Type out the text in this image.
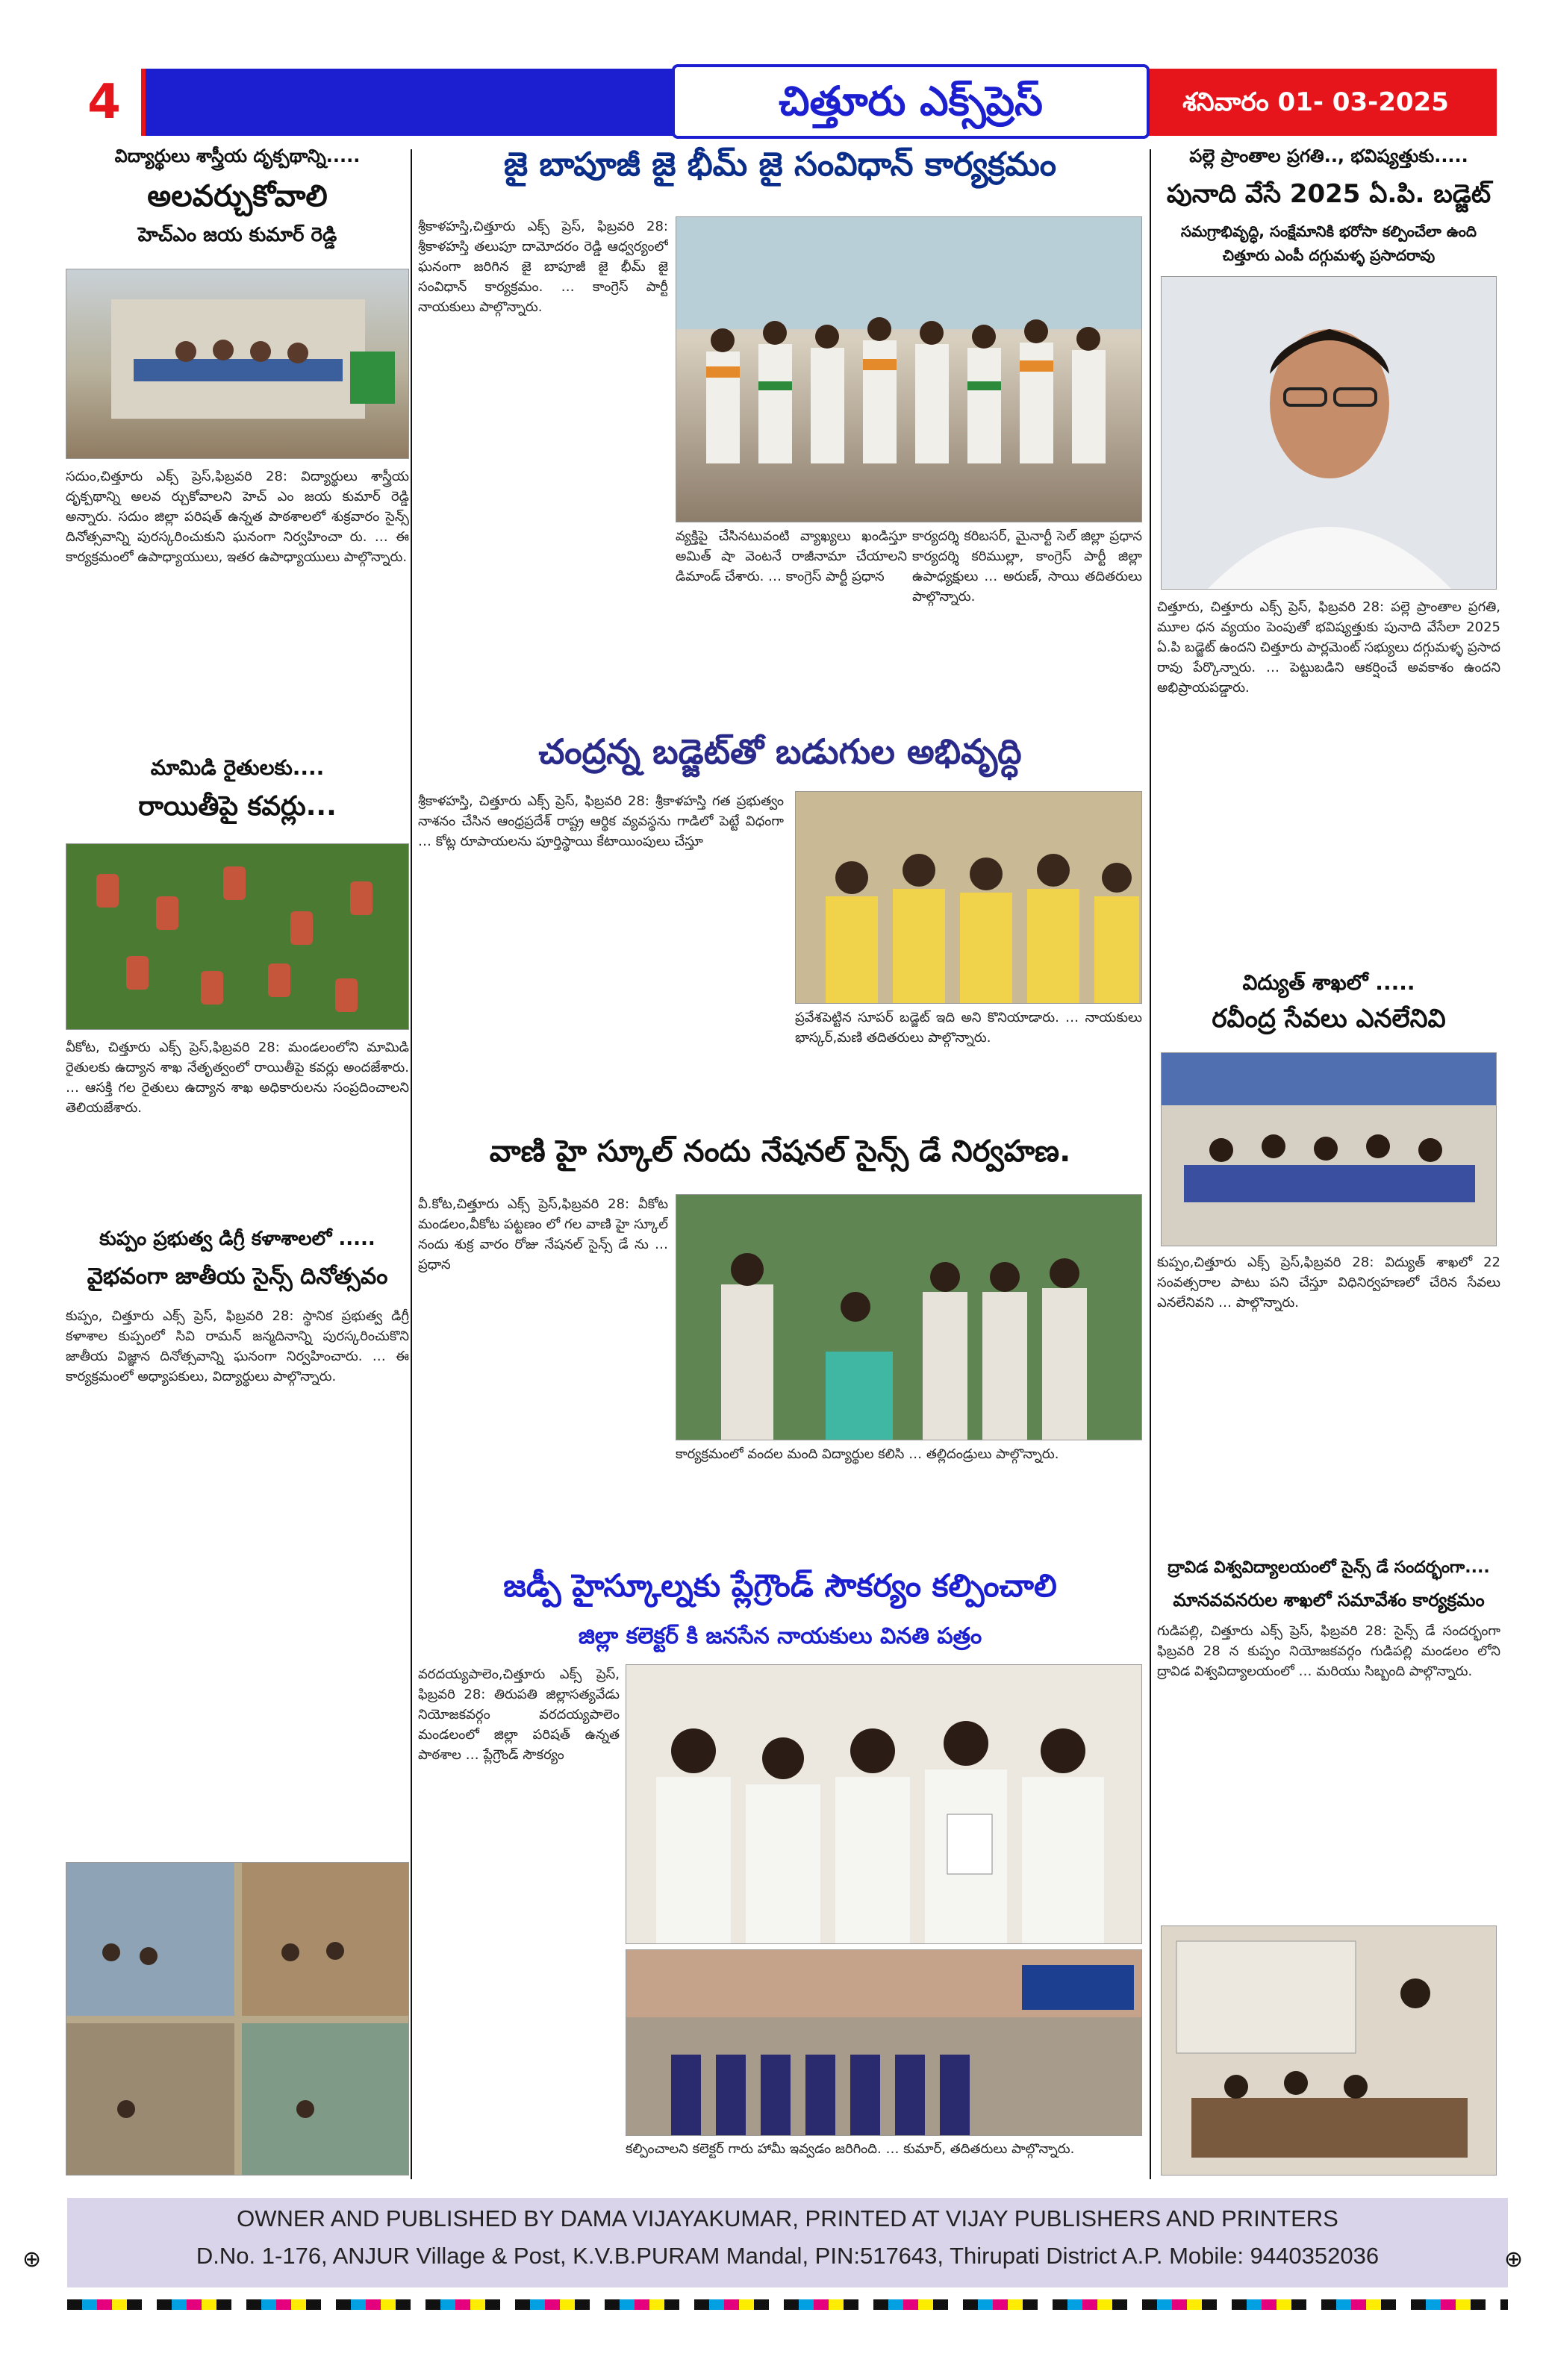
4	చిత్తూరు ఎక్స్‌ప్రెస్	శనివారం 01- 03-2025
విద్యార్థులు శాస్త్రీయ దృక్పథాన్ని.....
అలవర్చుకోవాలి
హెచ్‌ఎం జయ కుమార్ రెడ్డి
సదుం,చిత్తూరు ఎక్స్ ప్రెస్,ఫిబ్రవరి 28: విద్యార్థులు శాస్త్రీయ దృక్పథాన్ని అలవ ర్చుకోవాలని హెచ్ ఎం జయ కుమార్ రెడ్డి అన్నారు. సదుం జిల్లా పరిషత్ ఉన్నత పాఠశాలలో శుక్రవారం సైన్స్ దినోత్సవాన్ని పురస్కరించుకుని ఘనంగా నిర్వహించా రు. … ఈ కార్యక్రమంలో ఉపాధ్యాయులు, ఇతర ఉపాధ్యాయులు పాల్గొన్నారు.
మామిడి రైతులకు....
రాయితీపై కవర్లు...
వీకోట, చిత్తూరు ఎక్స్ ప్రెస్,ఫిబ్రవరి 28: మండలంలోని మామిడి రైతులకు ఉద్యాన శాఖ నేతృత్వంలో రాయితీపై కవర్లు అందజేశారు. … ఆసక్తి గల రైతులు ఉద్యాన శాఖ అధికారులను సంప్రదించాలని తెలియజేశారు.
కుప్పం ప్రభుత్వ డిగ్రీ కళాశాలలో .....
వైభవంగా జాతీయ సైన్స్ దినోత్సవం
కుప్పం, చిత్తూరు ఎక్స్ ప్రెస్, ఫిబ్రవరి 28: స్థానిక ప్రభుత్వ డిగ్రీ కళాశాల కుప్పంలో సివి రామన్ జన్మదినాన్ని పురస్కరించుకొని జాతీయ విజ్ఞాన దినోత్సవాన్ని ఘనంగా నిర్వహించారు. … ఈ కార్యక్రమంలో అధ్యాపకులు, విద్యార్థులు పాల్గొన్నారు.
జై బాపూజీ జై భీమ్ జై సంవిధాన్ కార్యక్రమం
శ్రీకాళహస్తి,చిత్తూరు ఎక్స్ ప్రెస్, ఫిబ్రవరి 28: శ్రీకాళహస్తి తలుపూ దామోదరం రెడ్డి ఆధ్వర్యంలో ఘనంగా జరిగిన జై బాపూజీ జై భీమ్ జై సంవిధాన్ కార్యక్రమం. … కాంగ్రెస్ పార్టీ నాయకులు పాల్గొన్నారు.
వ్యక్తిపై చేసినటువంటి వ్యాఖ్యలు ఖండిస్తూ అమిత్ షా వెంటనే రాజీనామా చేయాలని డిమాండ్ చేశారు. … కాంగ్రెస్ పార్టీ ప్రధాన
కార్యదర్శి కరిబసర్, మైనార్టీ సెల్ జిల్లా ప్రధాన కార్యదర్శి కరిముల్లా, కాంగ్రెస్ పార్టీ జిల్లా ఉపాధ్యక్షులు … అరుణ్, సాయి తదితరులు పాల్గొన్నారు.
చంద్రన్న బడ్జెట్‌తో బడుగుల అభివృద్ధి
శ్రీకాళహస్తి, చిత్తూరు ఎక్స్ ప్రెస్, ఫిబ్రవరి 28: శ్రీకాళహస్తి గత ప్రభుత్వం నాశనం చేసిన ఆంధ్రప్రదేశ్ రాష్ట్ర ఆర్థిక వ్యవస్థను గాడిలో పెట్టే విధంగా … కోట్ల రూపాయలను పూర్తిస్థాయి కేటాయింపులు చేస్తూ
ప్రవేశపెట్టిన సూపర్ బడ్జెట్ ఇది అని కొనియాడారు. … నాయకులు భాస్కర్,మణి తదితరులు పాల్గొన్నారు.
వాణి హై స్కూల్ నందు నేషనల్ సైన్స్ డే నిర్వహణ.
వీ.కోట,చిత్తూరు ఎక్స్ ప్రెస్,ఫిబ్రవరి 28: వీకోట మండలం,వీకోట పట్టణం లో గల వాణి హై స్కూల్ నందు శుక్ర వారం రోజు నేషనల్ సైన్స్ డే ను … ప్రధాన
కార్యక్రమంలో వందల మంది విద్యార్థుల కలిసి … తల్లిదండ్రులు పాల్గొన్నారు.
జడ్పీ హైస్కూల్నకు ప్లేగ్రౌండ్ సౌకర్యం కల్పించాలి
జిల్లా కలెక్టర్ కి జనసేన నాయకులు వినతి పత్రం
వరదయ్యపాలెం,చిత్తూరు ఎక్స్ ప్రెస్, ఫిబ్రవరి 28: తిరుపతి జిల్లాసత్యవేడు నియోజకవర్గం వరదయ్యపాలెం మండలంలో జిల్లా పరిషత్ ఉన్నత పాఠశాల … ప్లేగ్రౌండ్ సౌకర్యం
కల్పించాలని కలెక్టర్ గారు హామీ ఇవ్వడం జరిగింది. … కుమార్, తదితరులు పాల్గొన్నారు.
పల్లె ప్రాంతాల ప్రగతి.., భవిష్యత్తుకు.....
పునాది వేసే 2025 ఏ.పి. బడ్జెట్
సమగ్రాభివృద్ధి, సంక్షేమానికి భరోసా కల్పించేలా ఉంది
చిత్తూరు ఎంపీ దగ్గుమళ్ళ ప్రసాదరావు
చిత్తూరు, చిత్తూరు ఎక్స్ ప్రెస్, ఫిబ్రవరి 28: పల్లె ప్రాంతాల ప్రగతి, మూల ధన వ్యయం పెంపుతో భవిష్యత్తుకు పునాది వేసేలా 2025 ఏ.పి బడ్జెట్ ఉందని చిత్తూరు పార్లమెంట్ సభ్యులు దగ్గుమళ్ళ ప్రసాద రావు పేర్కొన్నారు. … పెట్టుబడిని ఆకర్షించే అవకాశం ఉందని అభిప్రాయపడ్డారు.
విద్యుత్ శాఖలో .....
రవీంద్ర సేవలు ఎనలేనివి
కుప్పం,చిత్తూరు ఎక్స్ ప్రెస్,ఫిబ్రవరి 28: విద్యుత్ శాఖలో 22 సంవత్సరాల పాటు పని చేస్తూ విధినిర్వహణలో చేరిన సేవలు ఎనలేనివని … పాల్గొన్నారు.
ద్రావిడ విశ్వవిద్యాలయంలో సైన్స్ డే సందర్భంగా....
మానవవనరుల శాఖలో సమావేశం కార్యక్రమం
గుడిపల్లి, చిత్తూరు ఎక్స్ ప్రెస్, ఫిబ్రవరి 28: సైన్స్ డే సందర్భంగా ఫిబ్రవరి 28 న కుప్పం నియోజకవర్గం గుడిపల్లి మండలం లోని ద్రావిడ విశ్వవిద్యాలయంలో … మరియు సిబ్బంది పాల్గొన్నారు.
OWNER AND PUBLISHED BY DAMA VIJAYAKUMAR, PRINTED AT VIJAY PUBLISHERS AND PRINTERS
D.No. 1-176, ANJUR Village & Post, K.V.B.PURAM Mandal, PIN:517643, Thirupati District A.P. Mobile: 9440352036
⊕	⊕
